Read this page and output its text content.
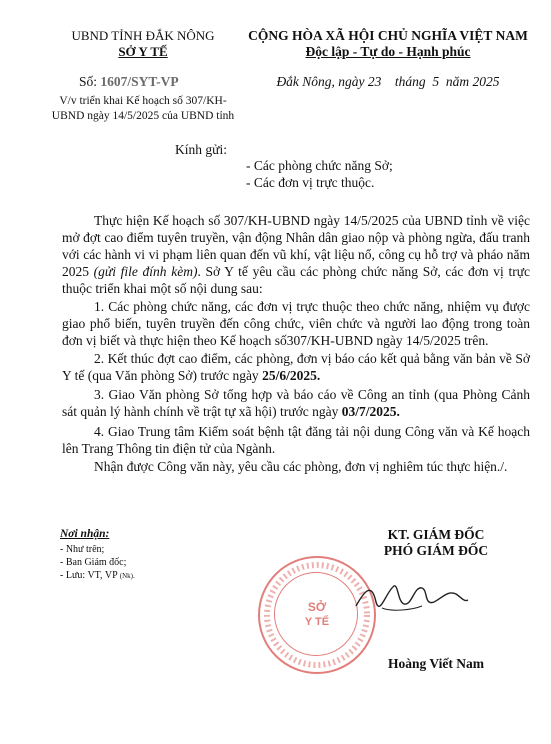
UBND TỈNH ĐẮK NÔNG
SỞ Y TẾ
Số: 1607/SYT-VP
V/v triển khai Kế hoạch số 307/KH-
UBND ngày 14/5/2025 của UBND tỉnh
CỘNG HÒA XÃ HỘI CHỦ NGHĨA VIỆT NAM
Độc lập - Tự do - Hạnh phúc
Đắk Nông, ngày 23    tháng  5  năm 2025
Kính gửi:
- Các phòng chức năng Sở;
- Các đơn vị trực thuộc.
Thực hiện Kế hoạch số 307/KH-UBND ngày 14/5/2025 của UBND tỉnh về việc mở đợt cao điểm tuyên truyền, vận động Nhân dân giao nộp và phòng ngừa, đấu tranh với các hành vi vi phạm liên quan đến vũ khí, vật liệu nổ, công cụ hỗ trợ và pháo năm 2025 (gửi file đính kèm). Sở Y tế yêu cầu các phòng chức năng Sở, các đơn vị trực thuộc triển khai một số nội dung sau:
1. Các phòng chức năng, các đơn vị trực thuộc theo chức năng, nhiệm vụ được giao phổ biến, tuyên truyền đến công chức, viên chức và người lao động trong toàn đơn vị biết và thực hiện theo Kế hoạch số307/KH-UBND ngày 14/5/2025 trên.
2. Kết thúc đợt cao điểm, các phòng, đơn vị báo cáo kết quả bằng văn bản về Sở Y tế (qua Văn phòng Sở) trước ngày 25/6/2025.
3. Giao Văn phòng Sở tổng hợp và báo cáo về Công an tỉnh (qua Phòng Cảnh sát quản lý hành chính về trật tự xã hội) trước ngày 03/7/2025.
4. Giao Trung tâm Kiểm soát bệnh tật đăng tải nội dung Công văn và Kế hoạch lên Trang Thông tin điện tử của Ngành.
Nhận được Công văn này, yêu cầu các phòng, đơn vị nghiêm túc thực hiện./.
Nơi nhận:
- Như trên;
- Ban Giám đốc;
- Lưu: VT, VP (Nk).
KT. GIÁM ĐỐC
PHÓ GIÁM ĐỐC
SỞ
Y TẾ
Hoàng Viết Nam
